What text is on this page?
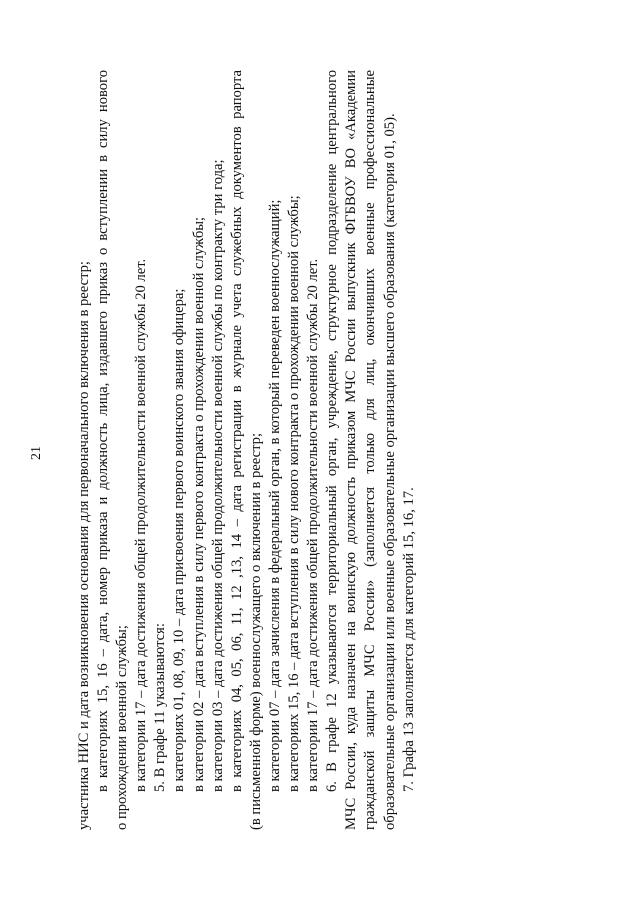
21 участника НИС и дата возникновения основания для первоначального включения в реестр; в категориях 15, 16 – дата, номер приказа и должность лица, издавшего приказ о вступлении в силу нового
о прохождении военной службы; в категории 17 – дата достижения общей продолжительности военной службы 20 лет. 5. В графе 11 указываются: в категориях 01, 08, 09, 10 – дата присвоения первого воинского звания офицера; в категории 02 – дата вступления в силу первого контракта о прохождении военной службы; в категории 03 – дата достижения общей продолжительности военной службы по контракту три года; в категориях 04, 05, 06, 11, 12 ,13, 14 – дата регистрации в журнале учета служебных документов рапорта (в письменной форме) военнослужащего о включении в реестр; в категории 07 – дата зачисления в федеральный орган, в который переведен военнослужащий; в категориях 15, 16 – дата вступления в силу нового контракта о прохождении военной службы; в категории 17 – дата достижения общей продолжительности военной службы 20 лет. 6. В графе 12 указываются территориальный орган, учреждение, структурное подразделение центрального МЧС России, куда назначен на воинскую должность приказом МЧС России выпускник ФГБВОУ ВО «Академии гражданской защиты МЧС России» (заполняется только для лиц, окончивших военные профессиональные образовательные организации или военные образовательные организации высшего образования (категория 01, 05). 7. Графа 13 заполняется для категорий 15, 16, 17.
